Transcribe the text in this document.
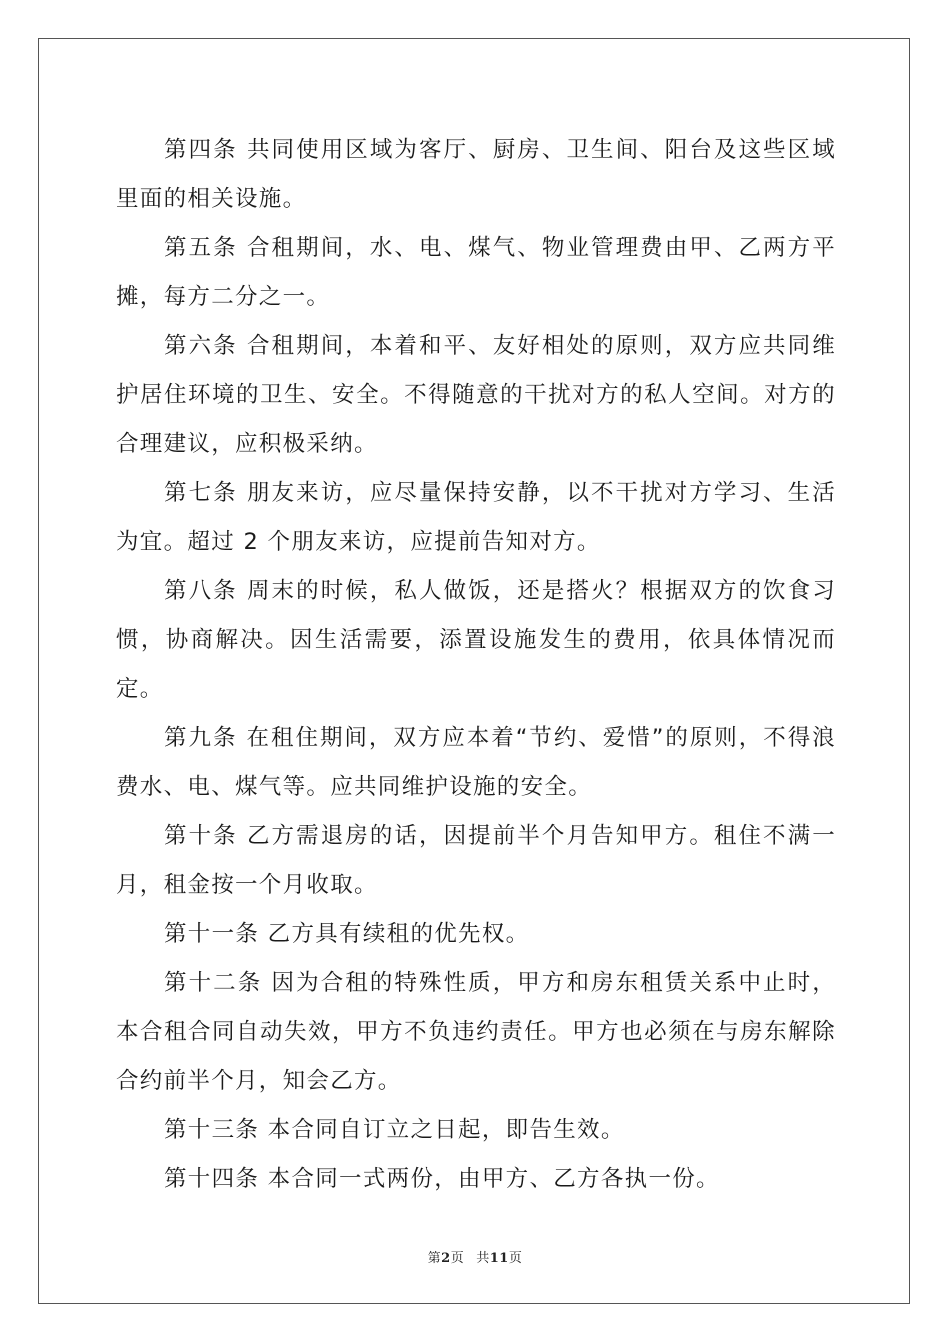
第四条 共同使用区域为客厅、厨房、卫生间、阳台及这些区域里面的相关设施。

第五条 合租期间，水、电、煤气、物业管理费由甲、乙两方平摊，每方二分之一。

第六条 合租期间，本着和平、友好相处的原则，双方应共同维护居住环境的卫生、安全。不得随意的干扰对方的私人空间。对方的合理建议，应积极采纳。

第七条 朋友来访，应尽量保持安静，以不干扰对方学习、生活为宜。超过 2 个朋友来访，应提前告知对方。

第八条 周末的时候，私人做饭，还是搭火？根据双方的饮食习惯，协商解决。因生活需要，添置设施发生的费用，依具体情况而定。

第九条 在租住期间，双方应本着“节约、爱惜”的原则，不得浪费水、电、煤气等。应共同维护设施的安全。

第十条 乙方需退房的话，因提前半个月告知甲方。租住不满一月，租金按一个月收取。

第十一条 乙方具有续租的优先权。

第十二条 因为合租的特殊性质，甲方和房东租赁关系中止时，本合租合同自动失效，甲方不负违约责任。甲方也必须在与房东解除合约前半个月，知会乙方。

第十三条 本合同自订立之日起，即告生效。

第十四条 本合同一式两份，由甲方、乙方各执一份。

第2页 共11页
